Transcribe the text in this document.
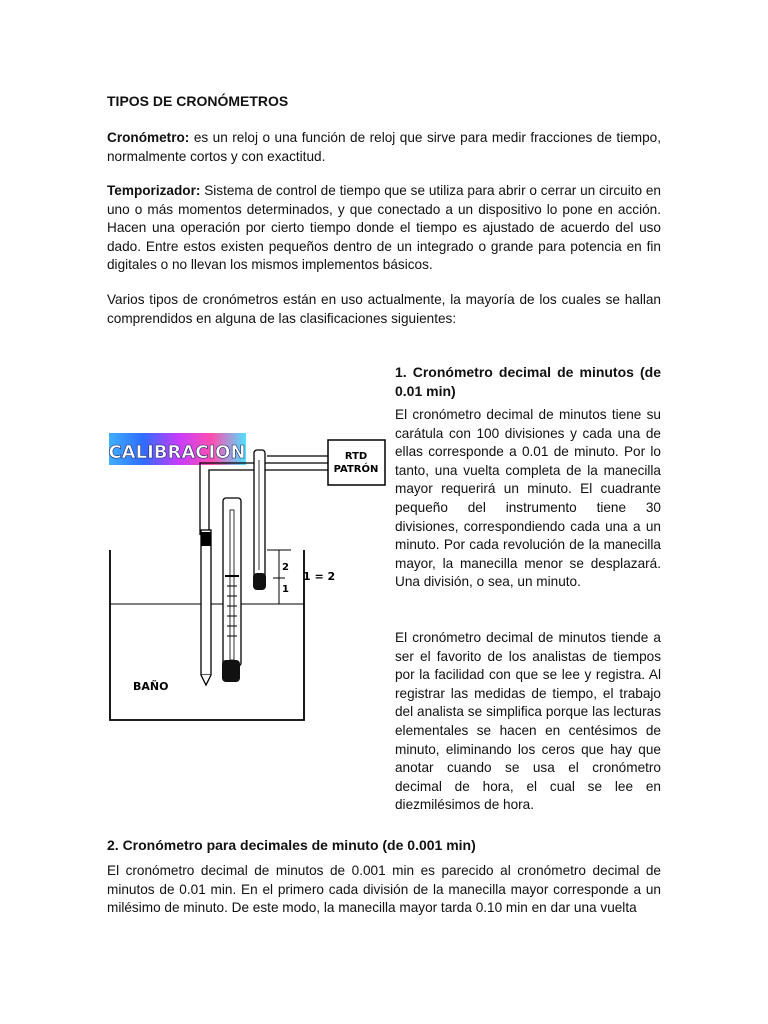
TIPOS DE CRONÓMETROS

Cronómetro: es un reloj o una función de reloj que sirve para medir fracciones de tiempo, normalmente cortos y con exactitud.

Temporizador: Sistema de control de tiempo que se utiliza para abrir o cerrar un circuito en uno o más momentos determinados, y que conectado a un dispositivo lo pone en acción. Hacen una operación por cierto tiempo donde el tiempo es ajustado de acuerdo del uso dado. Entre estos existen pequeños dentro de un integrado o grande para potencia en fin digitales o no llevan los mismos implementos básicos.

Varios tipos de cronómetros están en uso actualmente, la mayoría de los cuales se hallan comprendidos en alguna de las clasificaciones siguientes:

1. Cronómetro decimal de minutos (de 0.01 min)

El cronómetro decimal de minutos tiene su carátula con 100 divisiones y cada una de ellas corresponde a 0.01 de minuto. Por lo tanto, una vuelta completa de la manecilla mayor requerirá un minuto. El cuadrante pequeño del instrumento tiene 30 divisiones, correspondiendo cada una a un minuto. Por cada revolución de la manecilla mayor, la manecilla menor se desplazará. Una división, o sea, un minuto.

El cronómetro decimal de minutos tiende a ser el favorito de los analistas de tiempos por la facilidad con que se lee y registra. Al registrar las medidas de tiempo, el trabajo del analista se simplifica porque las lecturas elementales se hacen en centésimos de minuto, eliminando los ceros que hay que anotar cuando se usa el cronómetro decimal de hora, el cual se lee en diezmilésimos de hora.

2. Cronómetro para decimales de minuto (de 0.001 min)

El cronómetro decimal de minutos de 0.001 min es parecido al cronómetro decimal de minutos de 0.01 min. En el primero cada división de la manecilla mayor corresponde a un milésimo de minuto. De este modo, la manecilla mayor tarda 0.10 min en dar una vuelta

CALIBRACION	RTD
PATRÓN
BAÑO
2
1
1 = 2
